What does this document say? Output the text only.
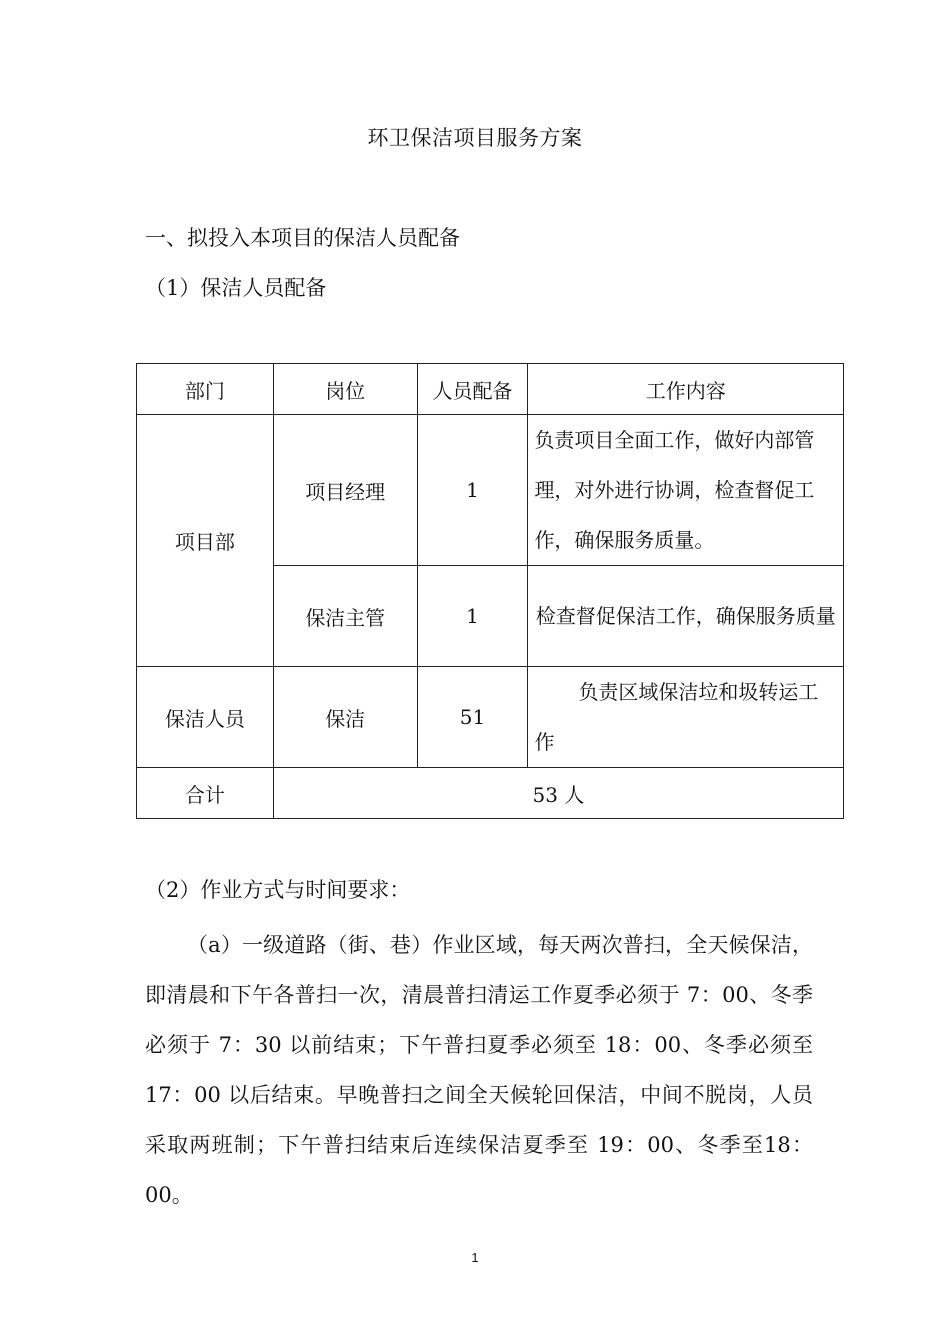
环卫保洁项目服务方案
一、拟投入本项目的保洁人员配备
（1）保洁人员配备
部门	岗位	人员配备	工作内容
项目部	项目经理	1	负责项目全面工作，做好内部管理，对外进行协调，检查督促工作，确保服务质量。
	保洁主管	1	检查督促保洁工作，确保服务质量
保洁人员	保洁	51	负责区域保洁垃和圾转运工作
合计	53 人		
（2）作业方式与时间要求：
（a）一级道路（街、巷）作业区域，每天两次普扫，全天候保洁，即清晨和下午各普扫一次，清晨普扫清运工作夏季必须于 7：00、冬季必须于 7：30 以前结束；下午普扫夏季必须至 18：00、冬季必须至 17：00 以后结束。早晚普扫之间全天候轮回保洁，中间不脱岗，人员采取两班制；下午普扫结束后连续保洁夏季至 19：00、冬季至18：00。
1
